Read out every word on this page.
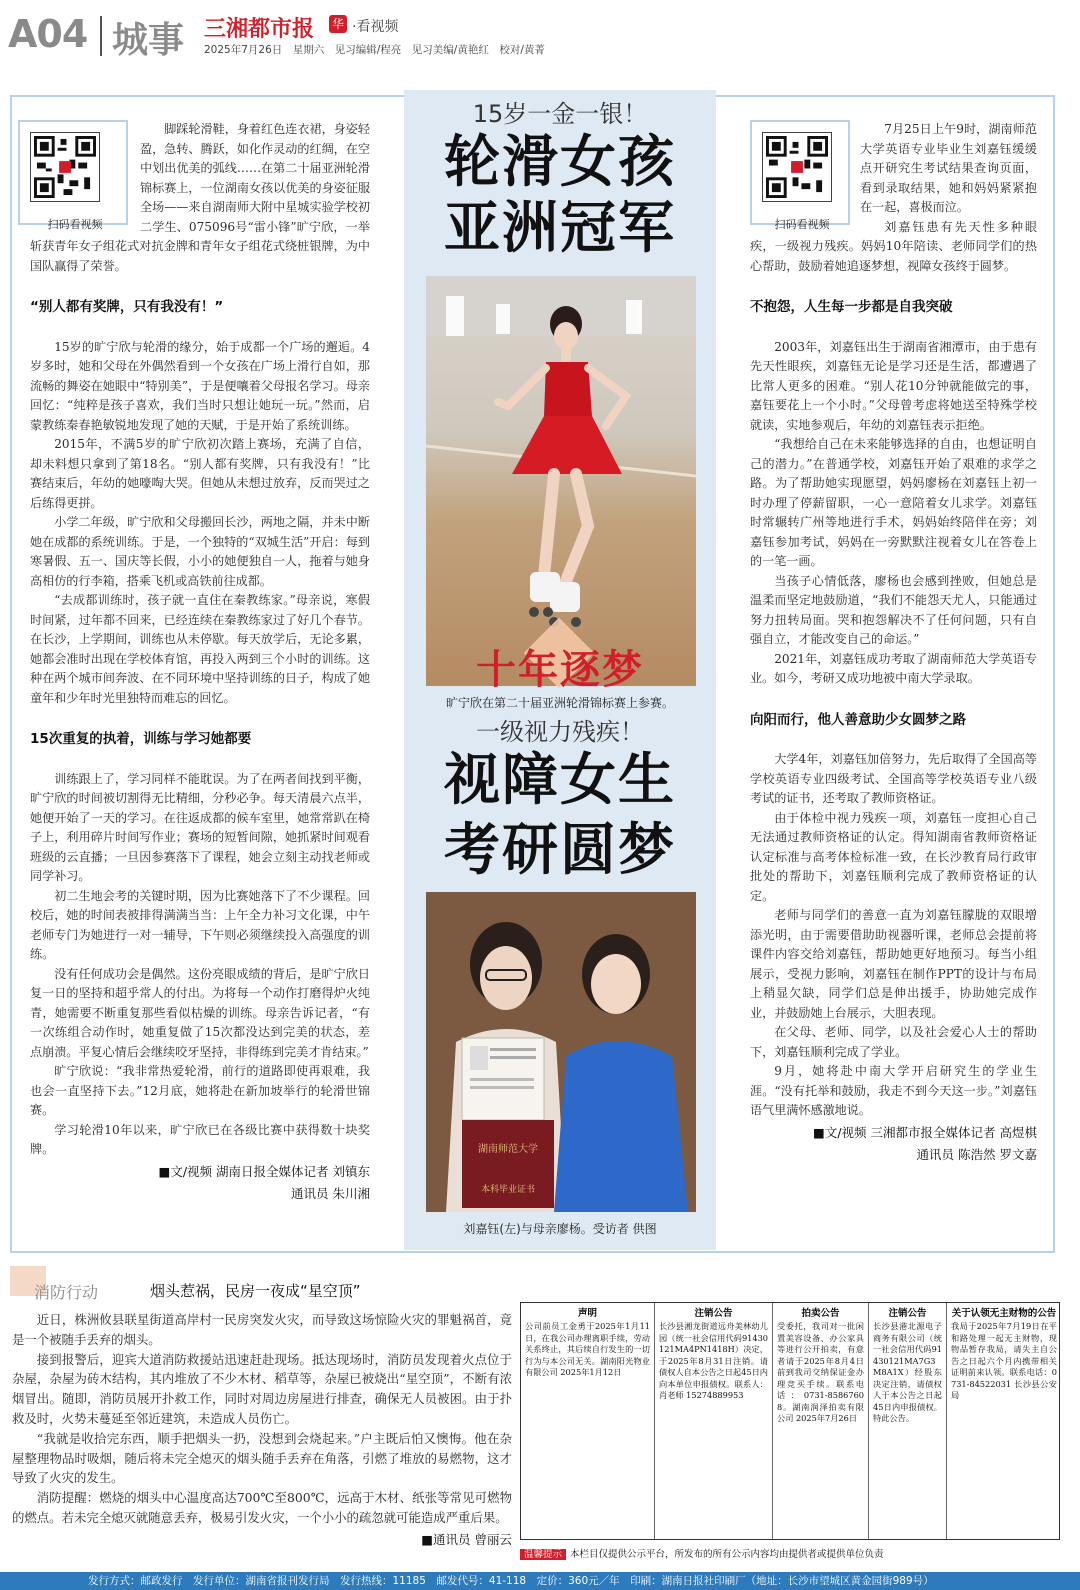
A04 城事 三湘都市报 华 ·看视频
2025年7月26日　星期六　见习编辑/程亮　见习美编/黄艳红　校对/黄菁
扫码看视频

脚踩轮滑鞋，身着红色连衣裙，身姿轻盈，急转、腾跃，如化作灵动的红绸，在空中划出优美的弧线……在第二十届亚洲轮滑锦标赛上，一位湖南女孩以优美的身姿征服全场——来自湖南师大附中星城实验学校初二学生、075096号“雷小锋”旷宁欣，一举斩获青年女子组花式对抗金牌和青年女子组花式绕桩银牌，为中国队赢得了荣誉。

“别人都有奖牌，只有我没有！”

15岁的旷宁欣与轮滑的缘分，始于成都一个广场的邂逅。4岁多时，她和父母在外偶然看到一个女孩在广场上滑行自如，那流畅的舞姿在她眼中“特别美”，于是便嚷着父母报名学习。母亲回忆：“纯粹是孩子喜欢，我们当时只想让她玩一玩。”然而，启蒙教练秦春艳敏锐地发现了她的天赋，于是开始了系统训练。

2015年，不满5岁的旷宁欣初次踏上赛场，充满了自信，却未料想只拿到了第18名。“别人都有奖牌，只有我没有！”比赛结束后，年幼的她嚎啕大哭。但她从未想过放弃，反而哭过之后练得更拼。

小学二年级，旷宁欣和父母搬回长沙，两地之隔，并未中断她在成都的系统训练。于是，一个独特的“双城生活”开启：每到寒暑假、五一、国庆等长假，小小的她便独自一人，拖着与她身高相仿的行李箱，搭乘飞机或高铁前往成都。

“去成都训练时，孩子就一直住在秦教练家。”母亲说，寒假时间紧，过年都不回来，已经连续在秦教练家过了好几个春节。在长沙，上学期间，训练也从未停歇。每天放学后，无论多累，她都会准时出现在学校体育馆，再投入两到三个小时的训练。这种在两个城市间奔波、在不同环境中坚持训练的日子，构成了她童年和少年时光里独特而难忘的回忆。

15次重复的执着，训练与学习她都要

训练跟上了，学习同样不能耽误。为了在两者间找到平衡，旷宁欣的时间被切割得无比精细，分秒必争。每天清晨六点半，她便开始了一天的学习。在往返成都的候车室里，她常常趴在椅子上，利用碎片时间写作业；赛场的短暂间隙，她抓紧时间观看班级的云直播；一旦因参赛落下了课程，她会立刻主动找老师或同学补习。

初二生地会考的关键时期，因为比赛她落下了不少课程。回校后，她的时间表被排得满满当当：上午全力补习文化课，中午老师专门为她进行一对一辅导，下午则必须继续投入高强度的训练。

没有任何成功会是偶然。这份亮眼成绩的背后，是旷宁欣日复一日的坚持和超乎常人的付出。为将每一个动作打磨得炉火纯青，她需要不断重复那些看似枯燥的训练。母亲告诉记者，“有一次练组合动作时，她重复做了15次都没达到完美的状态，差点崩溃。平复心情后会继续咬牙坚持，非得练到完美才肯结束。”

旷宁欣说：“我非常热爱轮滑，前行的道路即使再艰难，我也会一直坚持下去。”12月底，她将赴在新加坡举行的轮滑世锦赛。

学习轮滑10年以来，旷宁欣已在各级比赛中获得数十块奖牌。

■文/视频 湖南日报全媒体记者 刘镇东
通讯员 朱川湘
15岁一金一银！
轮滑女孩
亚洲冠军
旷宁欣在第二十届亚洲轮滑锦标赛上参赛。
十年逐梦
一级视力残疾！
视障女生
考研圆梦
湖南师范大学
本科毕业证书
刘嘉钰(左)与母亲廖杨。受访者 供图
扫码看视频

7月25日上午9时，湖南师范大学英语专业毕业生刘嘉钰缓缓点开研究生考试结果查询页面，看到录取结果，她和妈妈紧紧抱在一起，喜极而泣。

刘嘉钰患有先天性多种眼疾，一级视力残疾。妈妈10年陪读、老师同学们的热心帮助，鼓励着她追逐梦想，视障女孩终于圆梦。

不抱怨，人生每一步都是自我突破

2003年，刘嘉钰出生于湖南省湘潭市，由于患有先天性眼疾，刘嘉钰无论是学习还是生活，都遭遇了比常人更多的困难。“别人花10分钟就能做完的事，嘉钰要花上一个小时。”父母曾考虑将她送至特殊学校就读，实地参观后，年幼的刘嘉钰表示拒绝。

“我想给自己在未来能够选择的自由，也想证明自己的潜力。”在普通学校，刘嘉钰开始了艰难的求学之路。为了帮助她实现愿望，妈妈廖杨在刘嘉钰上初一时办理了停薪留职，一心一意陪着女儿求学。刘嘉钰时常辗转广州等地进行手术，妈妈始终陪伴在旁；刘嘉钰参加考试，妈妈在一旁默默注视着女儿在答卷上的一笔一画。

当孩子心情低落，廖杨也会感到挫败，但她总是温柔而坚定地鼓励道，“我们不能怨天尤人，只能通过努力扭转局面。哭和抱怨解决不了任何问题，只有自强自立，才能改变自己的命运。”

2021年，刘嘉钰成功考取了湖南师范大学英语专业。如今，考研又成功地被中南大学录取。

向阳而行，他人善意助少女圆梦之路

大学4年，刘嘉钰加倍努力，先后取得了全国高等学校英语专业四级考试、全国高等学校英语专业八级考试的证书，还考取了教师资格证。

由于体检中视力残疾一项，刘嘉钰一度担心自己无法通过教师资格证的认定。得知湖南省教师资格证认定标准与高考体检标准一致，在长沙教育局行政审批处的帮助下，刘嘉钰顺利完成了教师资格证的认定。

老师与同学们的善意一直为刘嘉钰朦胧的双眼增添光明，由于需要借助助视器听课，老师总会提前将课件内容交给刘嘉钰，帮助她更好地预习。每当小组展示，受视力影响，刘嘉钰在制作PPT的设计与布局上稍显欠缺，同学们总是伸出援手，协助她完成作业，并鼓励她上台展示，大胆表现。

在父母、老师、同学，以及社会爱心人士的帮助下，刘嘉钰顺利完成了学业。

9月，她将赴中南大学开启研究生的学业生涯。“没有托举和鼓励，我走不到今天这一步。”刘嘉钰语气里满怀感激地说。

■文/视频 三湘都市报全媒体记者 高煜棋
通讯员 陈浩然 罗文嘉
消防行动	烟头惹祸，民房一夜成“星空顶”

近日，株洲攸县联星街道高岸村一民房突发火灾，而导致这场惊险火灾的罪魁祸首，竟是一个被随手丢弃的烟头。

接到报警后，迎宾大道消防救援站迅速赶赴现场。抵达现场时，消防员发现着火点位于杂屋，杂屋为砖木结构，其内堆放了不少木材、稻草等，杂屋已被烧出“星空顶”，不断有浓烟冒出。随即，消防员展开扑救工作，同时对周边房屋进行排查，确保无人员被困。由于扑救及时，火势未蔓延至邻近建筑，未造成人员伤亡。

“我就是收拾完东西，顺手把烟头一扔，没想到会烧起来。”户主既后怕又懊悔。他在杂屋整理物品时吸烟，随后将未完全熄灭的烟头随手丢弃在角落，引燃了堆放的易燃物，这才导致了火灾的发生。

消防提醒：燃烧的烟头中心温度高达700℃至800℃，远高于木材、纸张等常见可燃物的燃点。若未完全熄灭就随意丢弃，极易引发火灾，一个小小的疏忽就可能造成严重后果。

■通讯员 曾丽云
声明
公司前员工金勇于2025年1月11日，在我公司办理离职手续，劳动关系终止，其后续自行发生的一切行为与本公司无关。湖南阳光物业有限公司 2025年1月12日
注销公告
长沙县湘龙街道远舟美林幼儿园（统一社会信用代码91430121MA4PN1418H）决定，于2025年8月31日注销。请债权人自本公告之日起45日内向本单位申报债权。联系人：肖老师 15274889953
拍卖公告
受委托，我司对一批闲置美容设备、办公家具等进行公开拍卖，有意者请于2025年8月4日前到我司交纳保证金办理竞买手续。联系电话：0731-85867608。湖南润泽拍卖有限公司 2025年7月26日
注销公告
长沙县港北源电子商务有限公司（统一社会信用代码91430121MA7G3M8A1X）经股东决定注销，请债权人于本公告之日起45日内申报债权。特此公告。
关于认领无主财物的公告
我局于2025年7月19日在平和路处理一起无主财物，现物品暂存我局，请失主自公告之日起六个月内携带相关证明前来认领。联系电话：0731-84522031 长沙县公安局
温馨提示 本栏目仅提供公示平台，所发布的所有公示内容均由提供者或提供单位负责
发行方式：邮政发行　发行单位：湖南省报刊发行局　发行热线：11185　邮发代号：41-118　定价：360元／年　印刷：湖南日报社印刷厂（地址：长沙市望城区黄金园街989号）
